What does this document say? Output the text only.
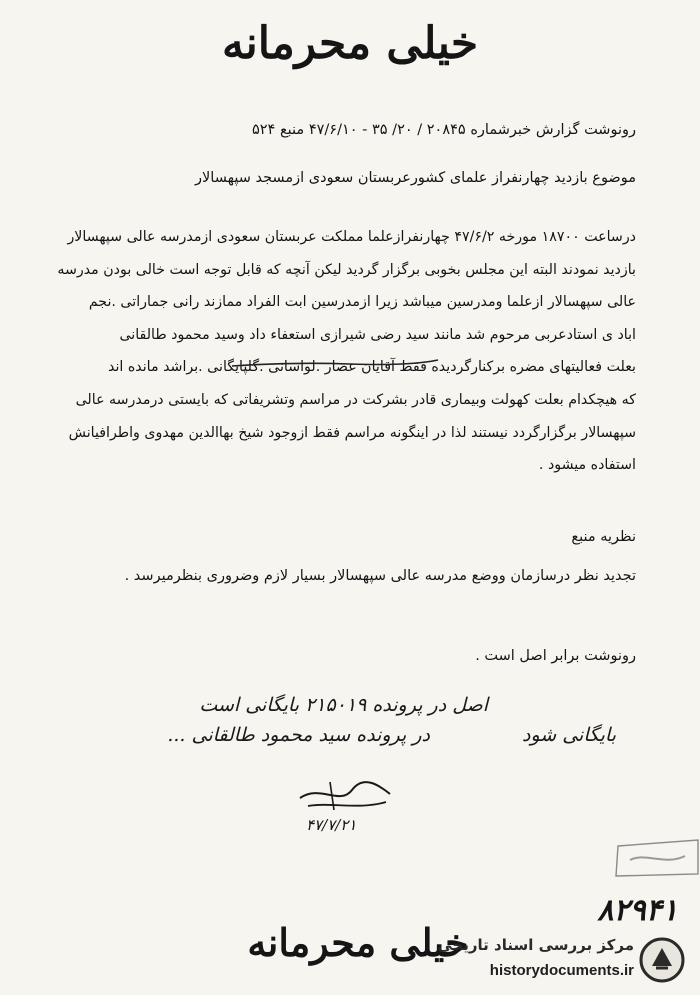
خیلی محرمانه
رونوشت گزارش خبرشماره ۲۰۸۴۵ / ۲۰/ ۳۵ - ۴۷/۶/۱۰ منبع ۵۲۴
موضوع بازدید چهارنفراز علمای کشورعربستان سعودی ازمسجد سپهسالار
درساعت ۱۸۷۰۰ مورخه ۴۷/۶/۲ چهارنفرازعلما مملکت عربستان سعودی ازمدرسه عالی سپهسالار
بازدید نمودند البته این مجلس بخوبی برگزار گردید لیکن آنچه که قابل توجه است خالی بودن مدرسه
عالی سپهسالار ازعلما ومدرسین میباشد زیرا ازمدرسین ابت الفراد ممازند رانی جماراتی .نجم
اباد ی استادعربی مرحوم شد مانند سید رضی شیرازی استعفاء داد وسید محمود طالقانی
بعلت فعالیتهای مضره برکنارگردیده فقط آقایان عصار .لواسانی .گلپایگانی .براشد مانده اند
که هیچکدام بعلت کهولت وبیماری قادر بشرکت در مراسم وتشریفاتی که بایستی درمدرسه عالی
سپهسالار برگزارگردد نیستند لذا در اینگونه مراسم فقط ازوجود شیخ بهاالدین مهدوی واطرافیانش
استفاده میشود .
نظریه منبع
تجدید نظر درسازمان ووضع مدرسه عالی سپهسالار بسیار لازم وضروری بنظرمیرسد .
رونوشت برابر اصل است .
اصل در پرونده ۲۱۵۰۱۹ بایگانی است
در پرونده سید محمود طالقانی ...	بایگانی شود
۴۷/۷/۲۱
۸۲۹۴۱
خیلی محرمانه
مرکز بررسی اسناد تاریخی
historydocuments.ir
